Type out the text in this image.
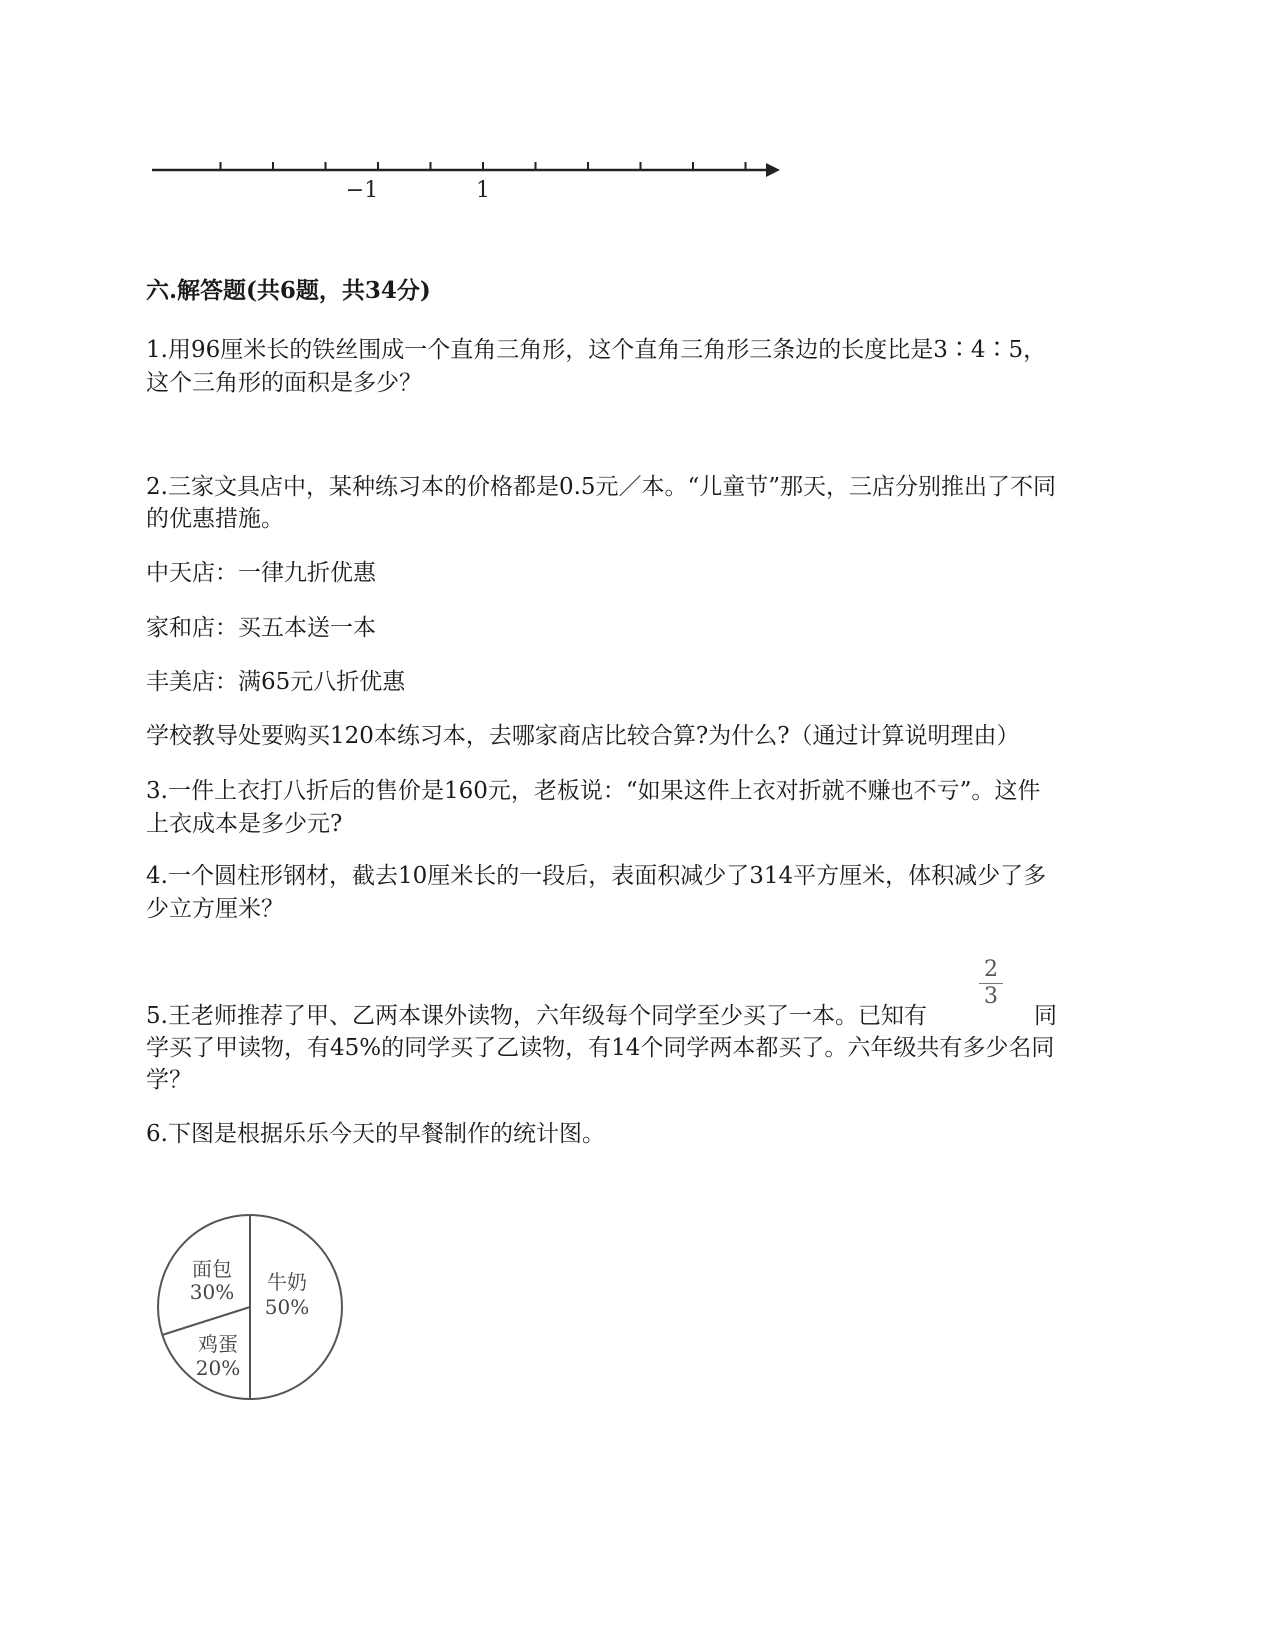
−1	1
六.解答题(共6题，共34分)
1.用96厘米长的铁丝围成一个直角三角形，这个直角三角形三条边的长度比是3∶4∶5，
这个三角形的面积是多少？
2.三家文具店中，某种练习本的价格都是0.5元／本。“儿童节”那天，三店分别推出了不同
的优惠措施。
中天店：一律九折优惠
家和店：买五本送一本
丰美店：满65元八折优惠
学校教导处要购买120本练习本，去哪家商店比较合算?为什么?（通过计算说明理由）
3.一件上衣打八折后的售价是160元，老板说：“如果这件上衣对折就不赚也不亏”。这件
上衣成本是多少元?
4.一个圆柱形钢材，截去10厘米长的一段后，表面积减少了314平方厘米，体积减少了多
少立方厘米？
5.王老师推荐了甲、乙两本课外读物，六年级每个同学至少买了一本。已知有
2
3
同
学买了甲读物，有45%的同学买了乙读物，有14个同学两本都买了。六年级共有多少名同
学？
6.下图是根据乐乐今天的早餐制作的统计图。
牛奶
50%
面包
30%
鸡蛋
20%
